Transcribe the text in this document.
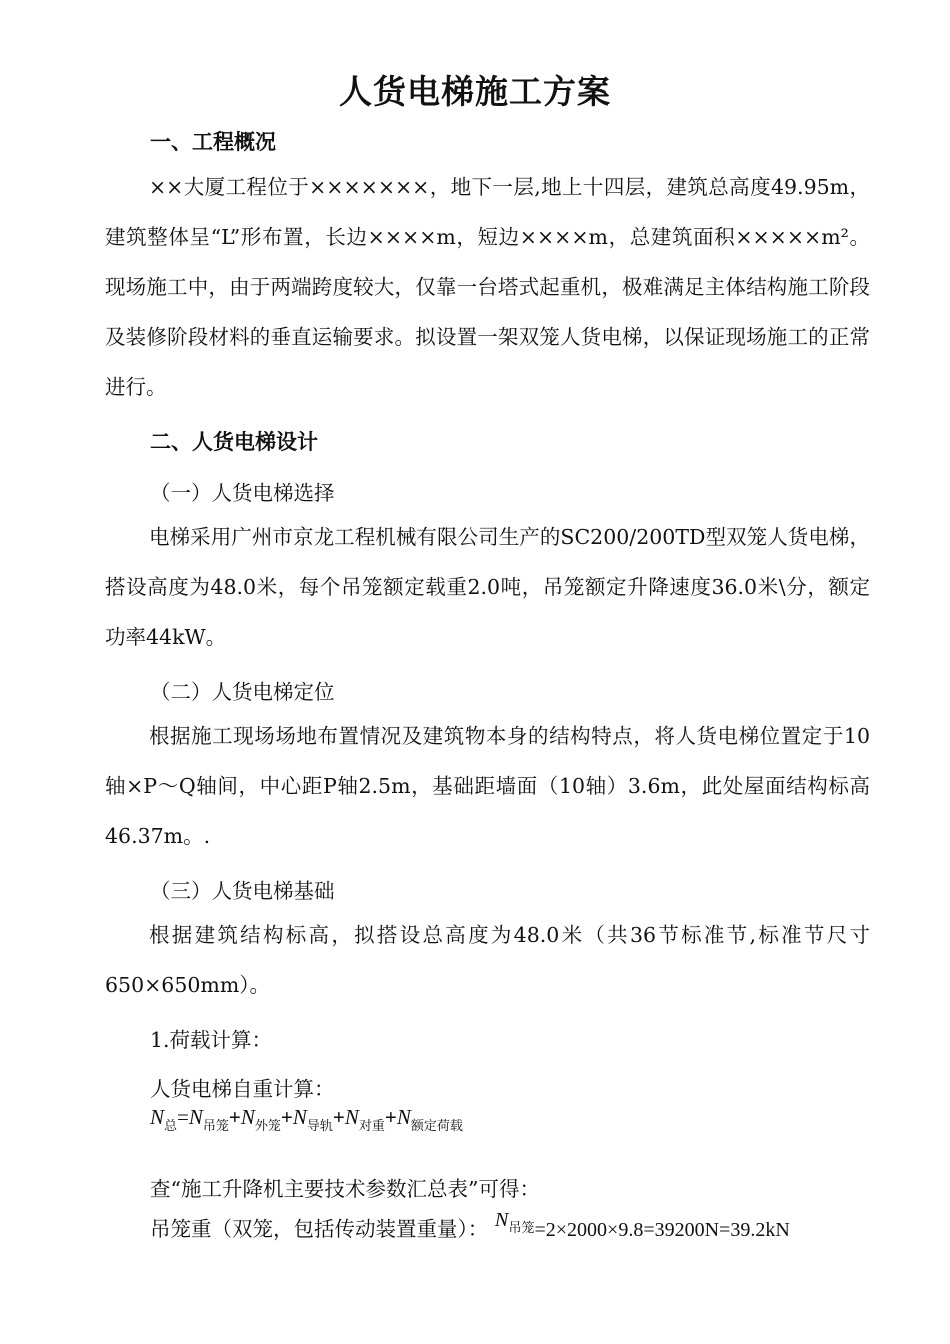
人货电梯施工方案
一、工程概况

××大厦工程位于×××××××，地下一层,地上十四层，建筑总高度49.95m，建筑整体呈“L”形布置，长边××××m，短边××××m，总建筑面积×××××m²。现场施工中，由于两端跨度较大，仅靠一台塔式起重机，极难满足主体结构施工阶段及装修阶段材料的垂直运输要求。拟设置一架双笼人货电梯，以保证现场施工的正常进行。

二、人货电梯设计
（一）人货电梯选择

电梯采用广州市京龙工程机械有限公司生产的SC200/200TD型双笼人货电梯，搭设高度为48.0米，每个吊笼额定载重2.0吨，吊笼额定升降速度36.0米\分，额定功率44kW。

（二）人货电梯定位

根据施工现场场地布置情况及建筑物本身的结构特点，将人货电梯位置定于10轴×P～Q轴间，中心距P轴2.5m，基础距墙面（10轴）3.6m，此处屋面结构标高46.37m。.

（三）人货电梯基础

根据建筑结构标高，拟搭设总高度为48.0米（共36节标准节,标准节尺寸650×650mm）。

1.荷载计算：
人货电梯自重计算：
$N_总=N_{吊笼}+N_{外笼}+N_{导轨}+N_{对重}+N_{额定荷载}$
查“施工升降机主要技术参数汇总表”可得：
吊笼重（双笼，包括传动装置重量）： $N_{吊笼}=2\times 2000\times 9.8=39200N=39.2kN$
